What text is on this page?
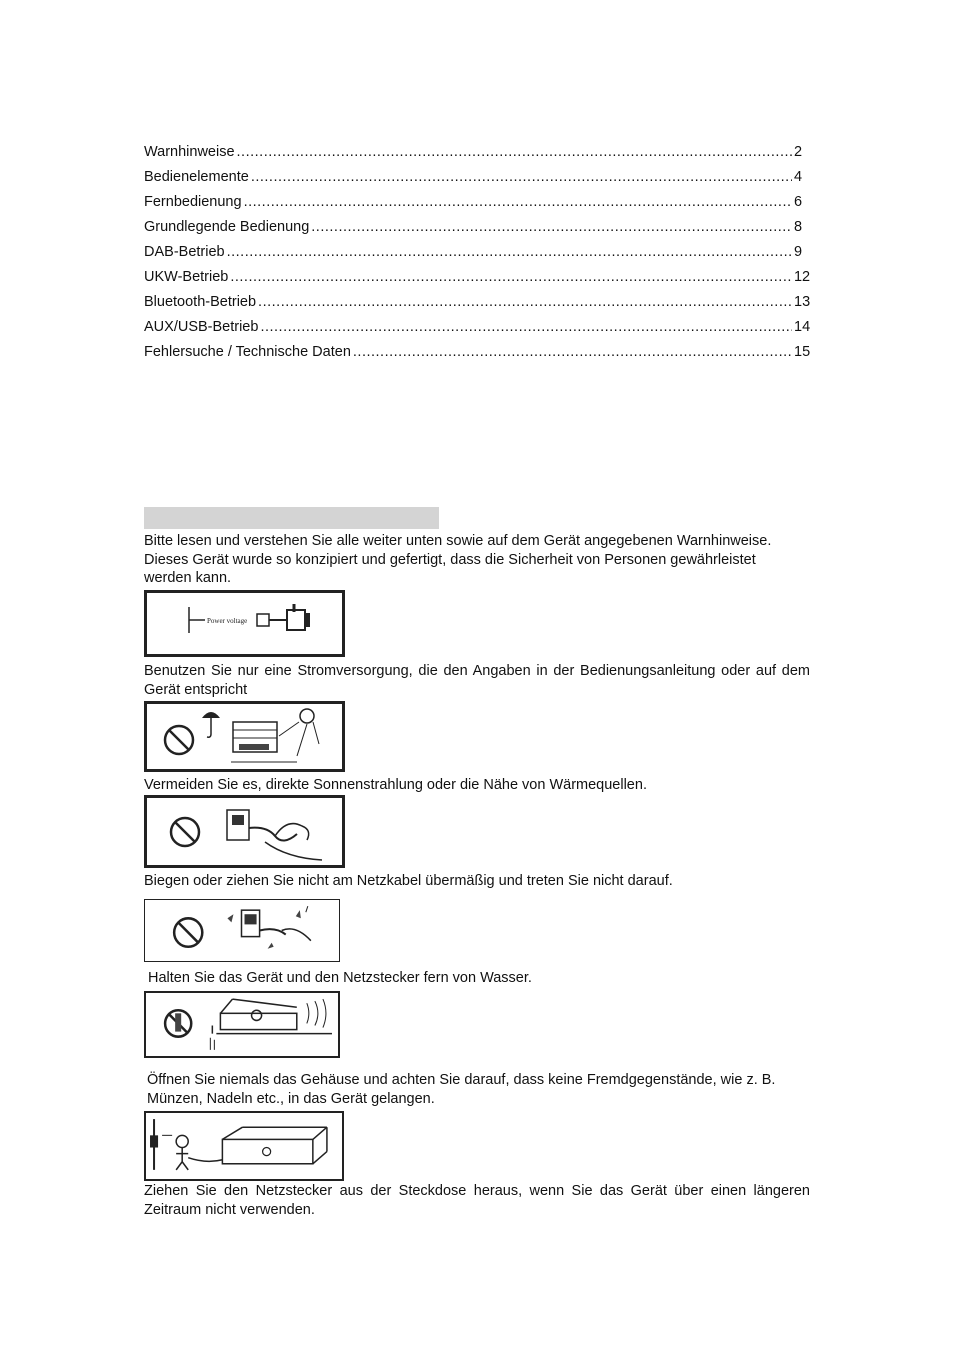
Warnhinweise .....	2
Bedienelemente .....	4
Fernbedienung .....	6
Grundlegende Bedienung .....	8
DAB-Betrieb .....	9
UKW-Betrieb .....	12
Bluetooth-Betrieb .....	13
AUX/USB-Betrieb .....	14
Fehlersuche / Technische Daten .....	15
Bitte lesen und verstehen Sie alle weiter unten sowie auf dem Gerät angegebenen Warnhinweise. Dieses Gerät wurde so konzipiert und gefertigt, dass die Sicherheit von Personen gewährleistet werden kann.
Power voltage
Benutzen Sie nur eine Stromversorgung, die den Angaben in der Bedienungsanleitung oder auf dem Gerät entspricht
Vermeiden Sie es, direkte Sonnenstrahlung oder die Nähe von Wärmequellen.
Biegen oder ziehen Sie nicht am Netzkabel übermäßig und treten Sie nicht darauf.
Halten Sie das Gerät und den Netzstecker fern von Wasser.
Öffnen Sie niemals das Gehäuse und achten Sie darauf, dass keine Fremdgegenstände, wie z. B. Münzen, Nadeln etc., in das Gerät gelangen.
Ziehen Sie den Netzstecker aus der Steckdose heraus, wenn Sie das Gerät über einen längeren Zeitraum nicht verwenden.
